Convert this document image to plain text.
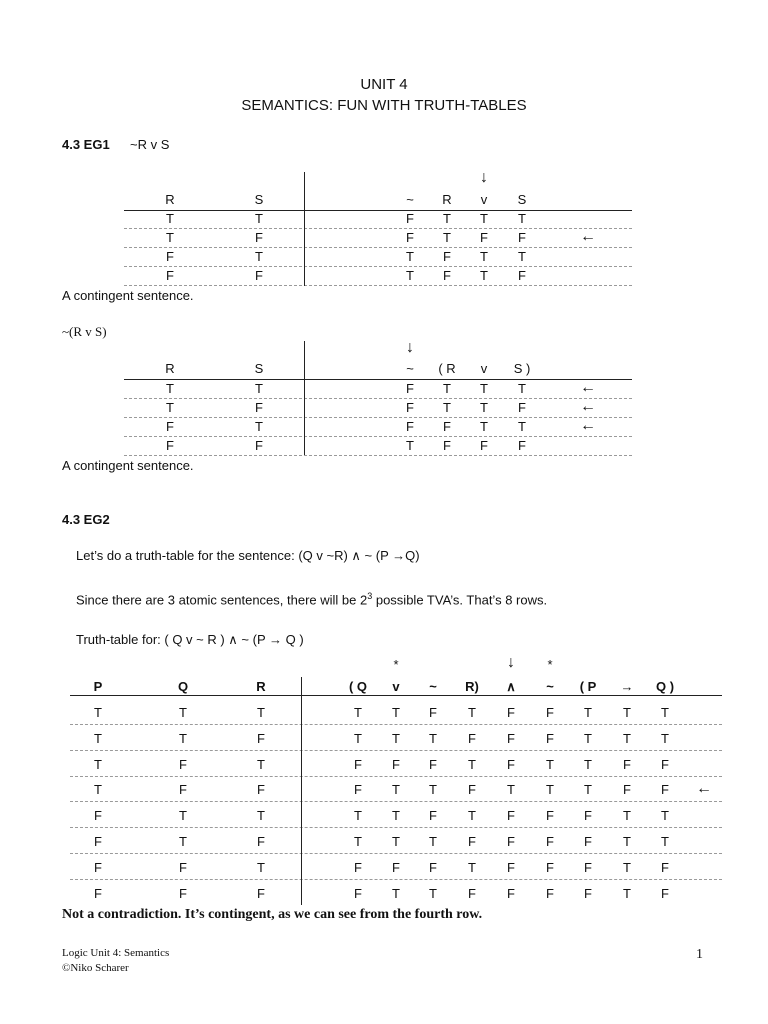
UNIT 4
SEMANTICS: FUN WITH TRUTH-TABLES
4.3 EG1 ~R v S
↓
R	S	~	R	v	S
T	T	F	T	T	T
T	F	F	T	F	F	←
F	T	T	F	T	T
F	F	T	F	T	F
A contingent sentence.
~(R v S)
↓
R	S	~	( R	v	S )
T	T	F	T	T	T	←
T	F	F	T	T	F	←
F	T	F	F	T	T	←
F	F	T	F	F	F
A contingent sentence.
4.3 EG2
Let’s do a truth-table for the sentence: (Q v ~R) ∧ ~ (P →Q)
Since there are 3 atomic sentences, there will be $2^3$ possible TVA’s. That’s 8 rows.
Truth-table for: ( Q v ~ R ) ∧ ~ (P → Q )
*	↓	*
P	Q	R	( Q	v	~	R)	∧	~	( P	→	Q )
T	T	T	T	T	F	T	F	F	T	T	T
T	T	F	T	T	T	F	F	F	T	T	T
T	F	T	F	F	F	T	F	T	T	F	F
T	F	F	F	T	T	F	T	T	T	F	F	←
F	T	T	T	T	F	T	F	F	F	T	T
F	T	F	T	T	T	F	F	F	F	T	T
F	F	T	F	F	F	T	F	F	F	T	F
F	F	F	F	T	T	F	F	F	F	T	F
Not a contradiction. It’s contingent, as we can see from the fourth row.
Logic Unit 4: Semantics
©Niko Scharer
1
